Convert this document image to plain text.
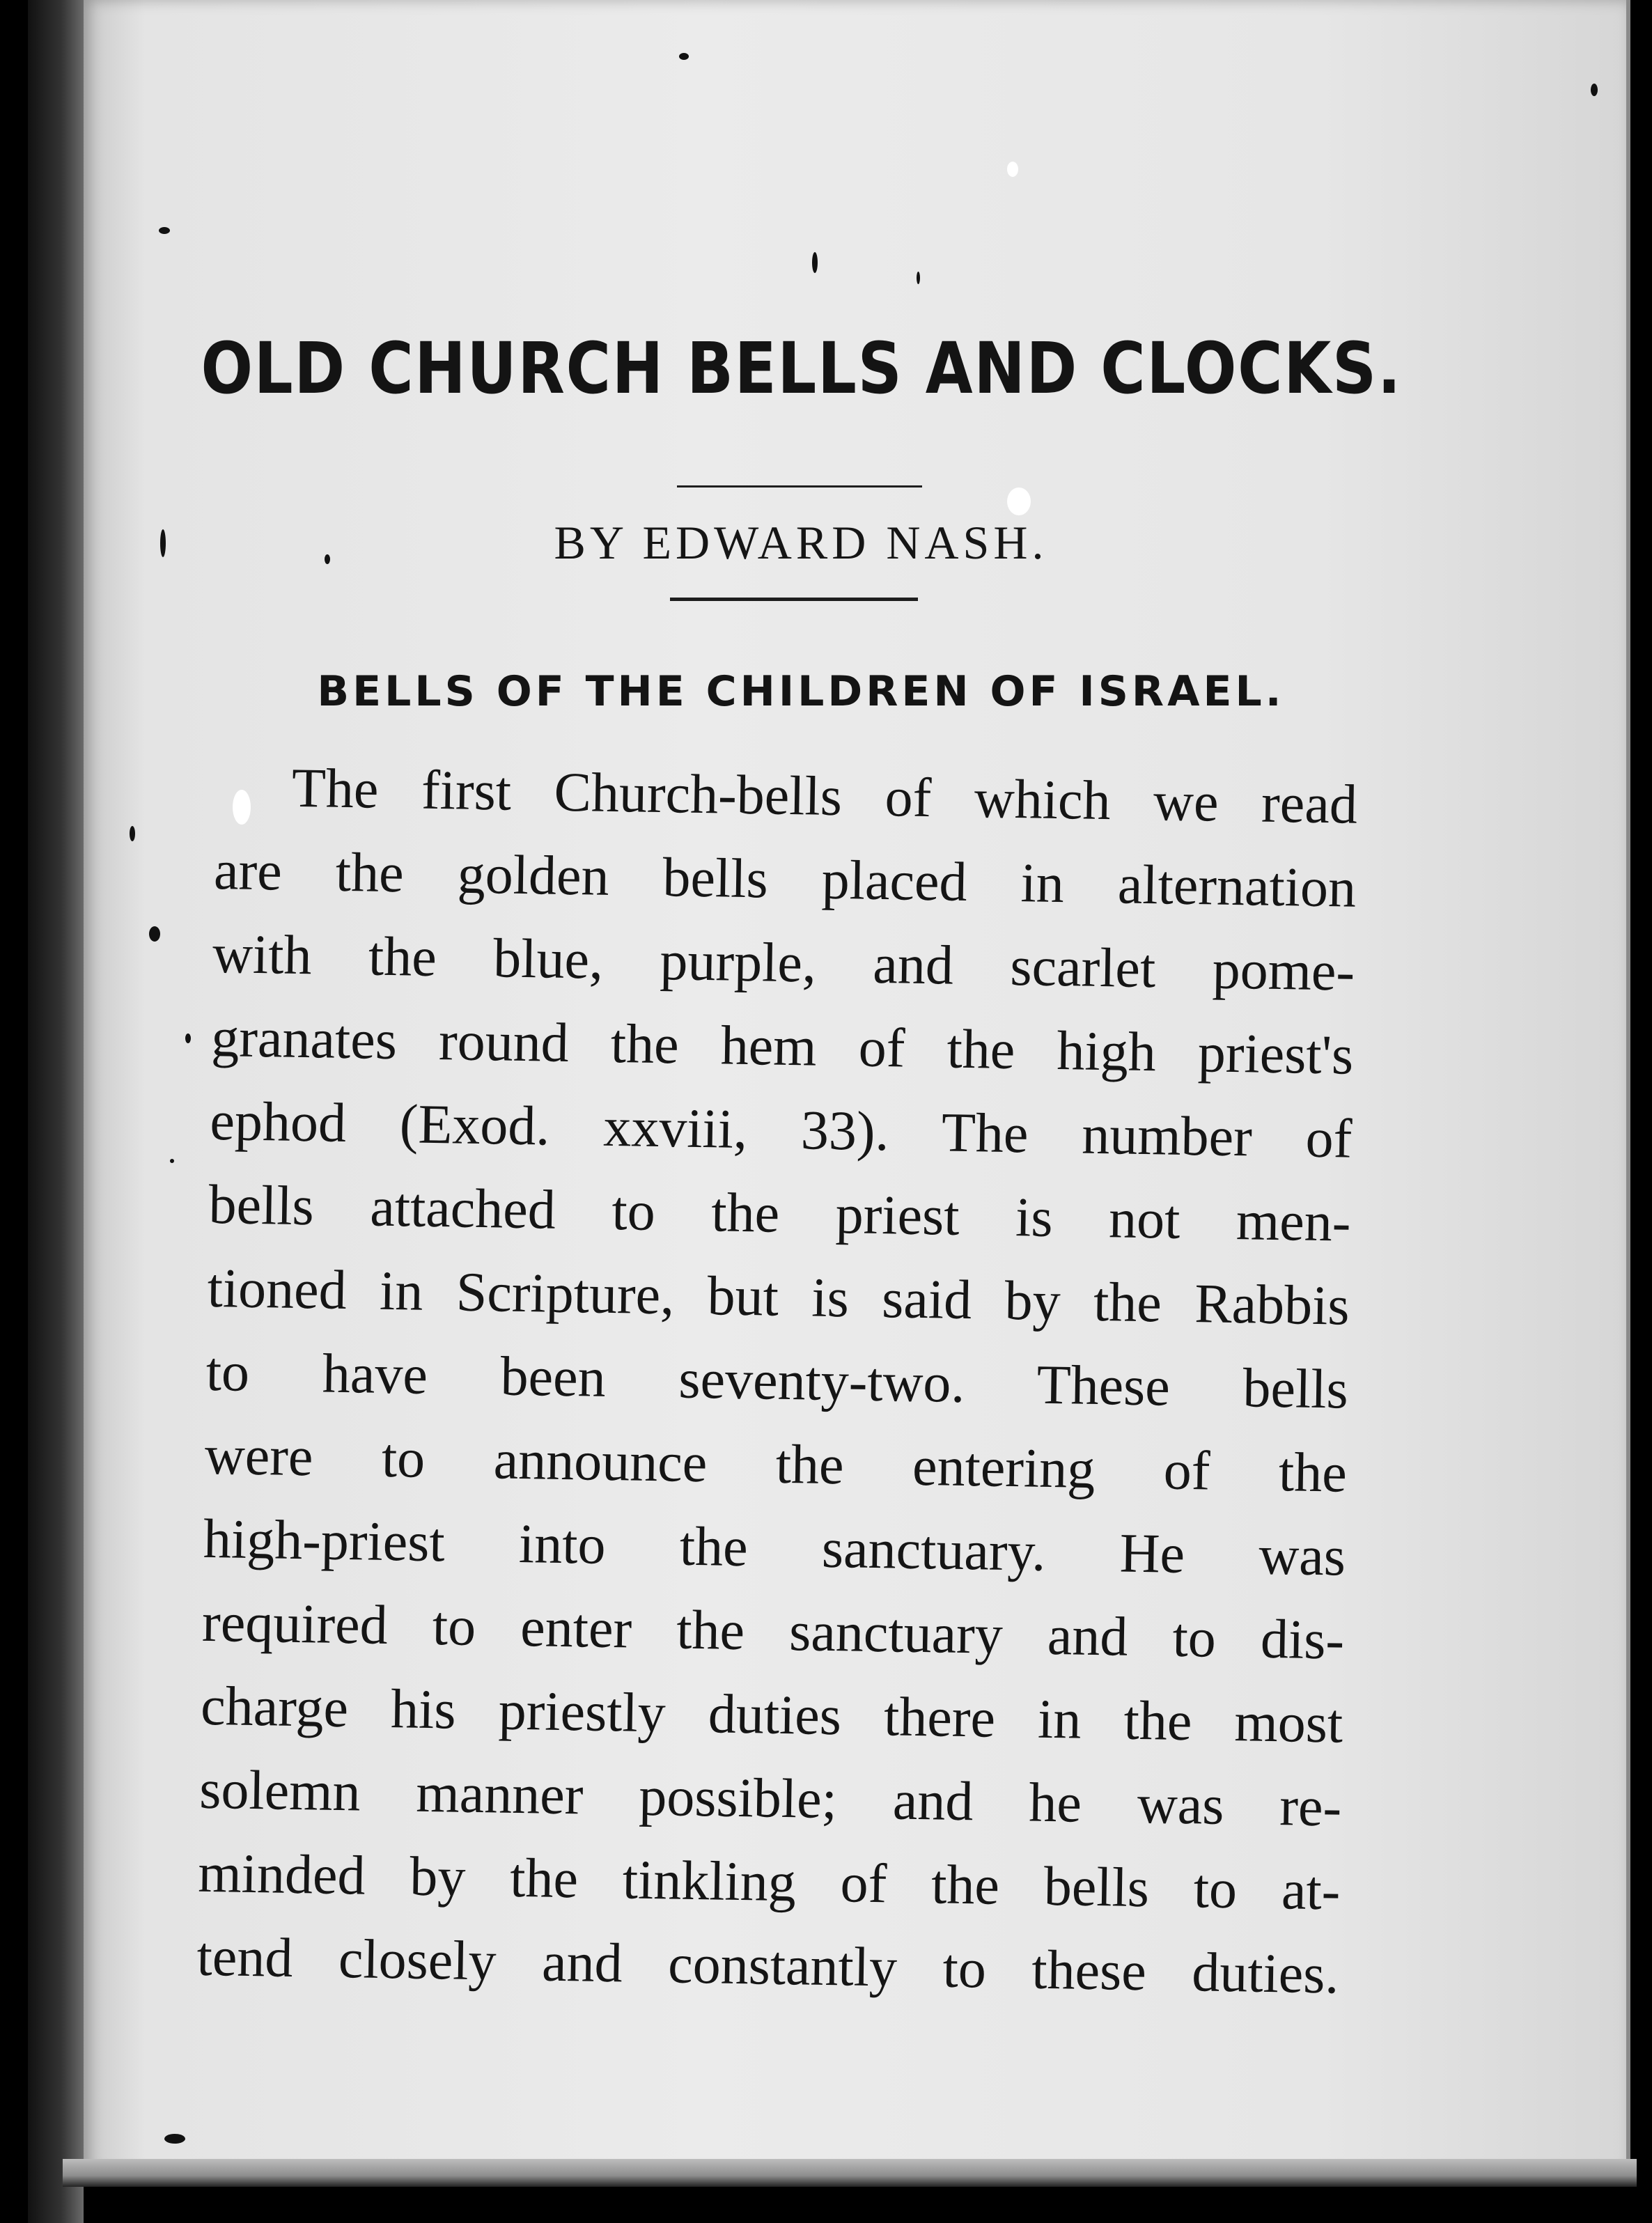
OLD CHURCH BELLS AND CLOCKS.
BY EDWARD NASH.
BELLS OF THE CHILDREN OF ISRAEL.
The first Church-bells of which we read
are the golden bells placed in alternation
with the blue, purple, and scarlet pome-
granates round the hem of the high priest's
ephod (Exod. xxviii, 33). The number of
bells attached to the priest is not men-
tioned in Scripture, but is said by the Rabbis
to have been seventy-two. These bells
were to announce the entering of the
high-priest into the sanctuary. He was
required to enter the sanctuary and to dis-
charge his priestly duties there in the most
solemn manner possible; and he was re-
minded by the tinkling of the bells to at-
tend closely and constantly to these duties.
